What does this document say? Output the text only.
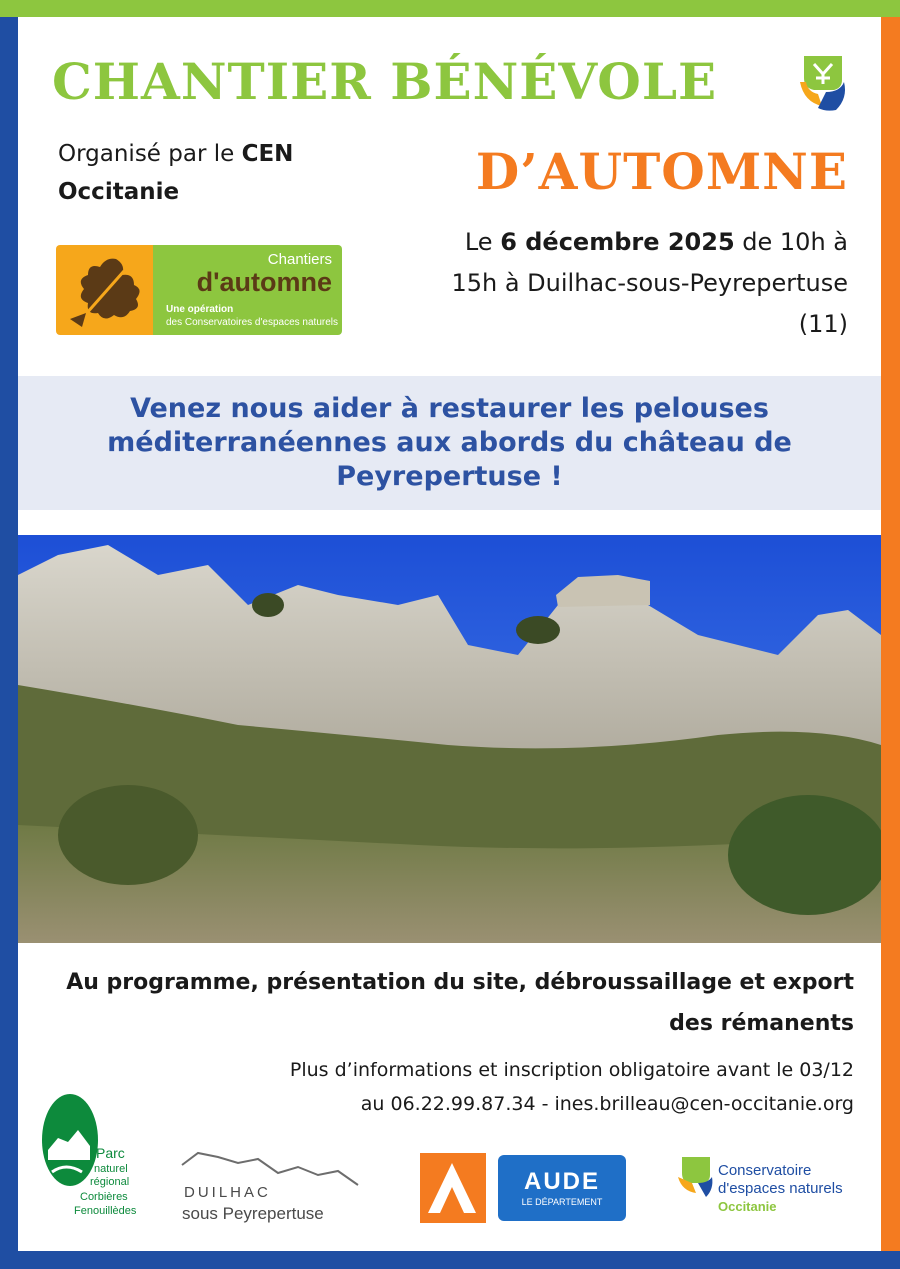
CHANTIER BÉNÉVOLE
D’AUTOMNE
Organisé par le CEN Occitanie
Chantiers
d'automne
Une opération
des Conservatoires d'espaces naturels
Le 6 décembre 2025 de 10h à 15h à Duilhac-sous-Peyrepertuse (11)
Venez nous aider à restaurer les pelouses méditerranéennes aux abords du château de Peyrepertuse !
Au programme, présentation du site, débroussaillage et export des rémanents
Plus d’informations et inscription obligatoire avant le 03/12
au 06.22.99.87.34 - ines.brilleau@cen-occitanie.org
Parc
naturel
régional
Corbières
Fenouillèdes
DUILHAC
sous Peyrepertuse
AUDE
LE DÉPARTEMENT
Conservatoire
d'espaces naturels
Occitanie
